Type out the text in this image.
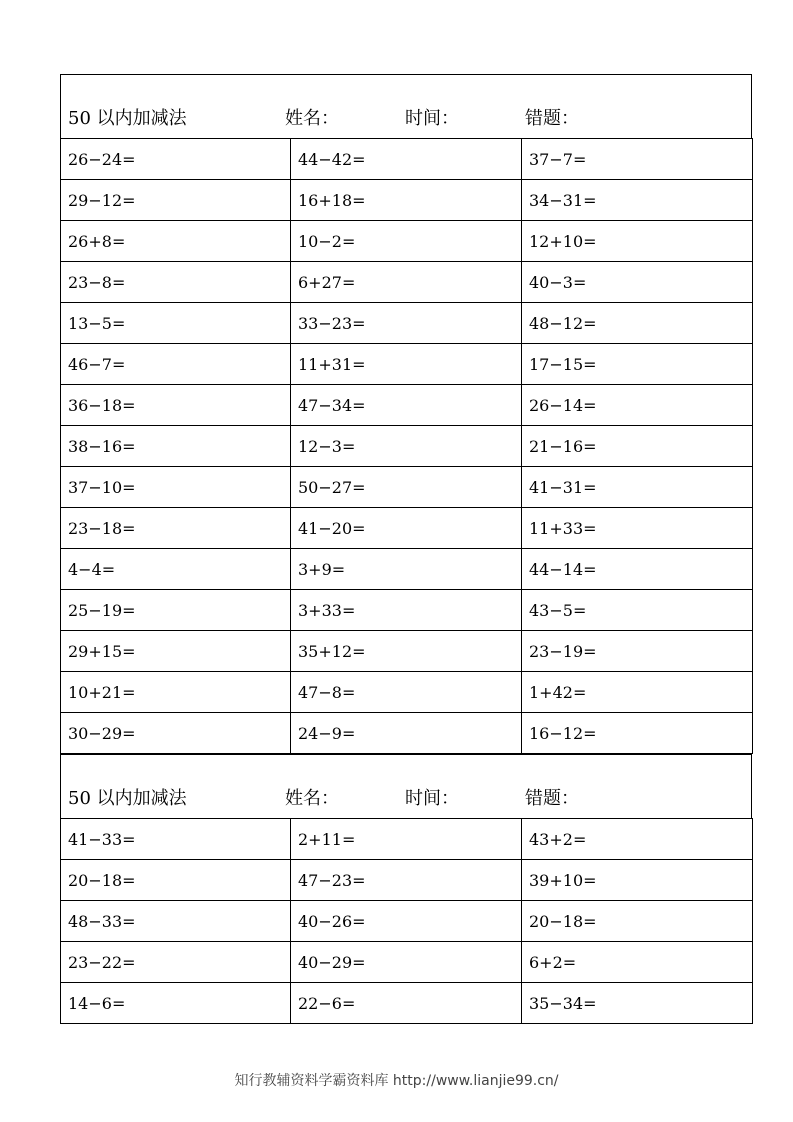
50 以内加减法	姓名：	时间：	错题：
26−24=	44−42=	37−7=
29−12=	16+18=	34−31=
26+8=	10−2=	12+10=
23−8=	6+27=	40−3=
13−5=	33−23=	48−12=
46−7=	11+31=	17−15=
36−18=	47−34=	26−14=
38−16=	12−3=	21−16=
37−10=	50−27=	41−31=
23−18=	41−20=	11+33=
4−4=	3+9=	44−14=
25−19=	3+33=	43−5=
29+15=	35+12=	23−19=
10+21=	47−8=	1+42=
30−29=	24−9=	16−12=
50 以内加减法	姓名：	时间：	错题：
41−33=	2+11=	43+2=
20−18=	47−23=	39+10=
48−33=	40−26=	20−18=
23−22=	40−29=	6+2=
14−6=	22−6=	35−34=
知行教辅资料学霸资料库 http://www.lianjie99.cn/
